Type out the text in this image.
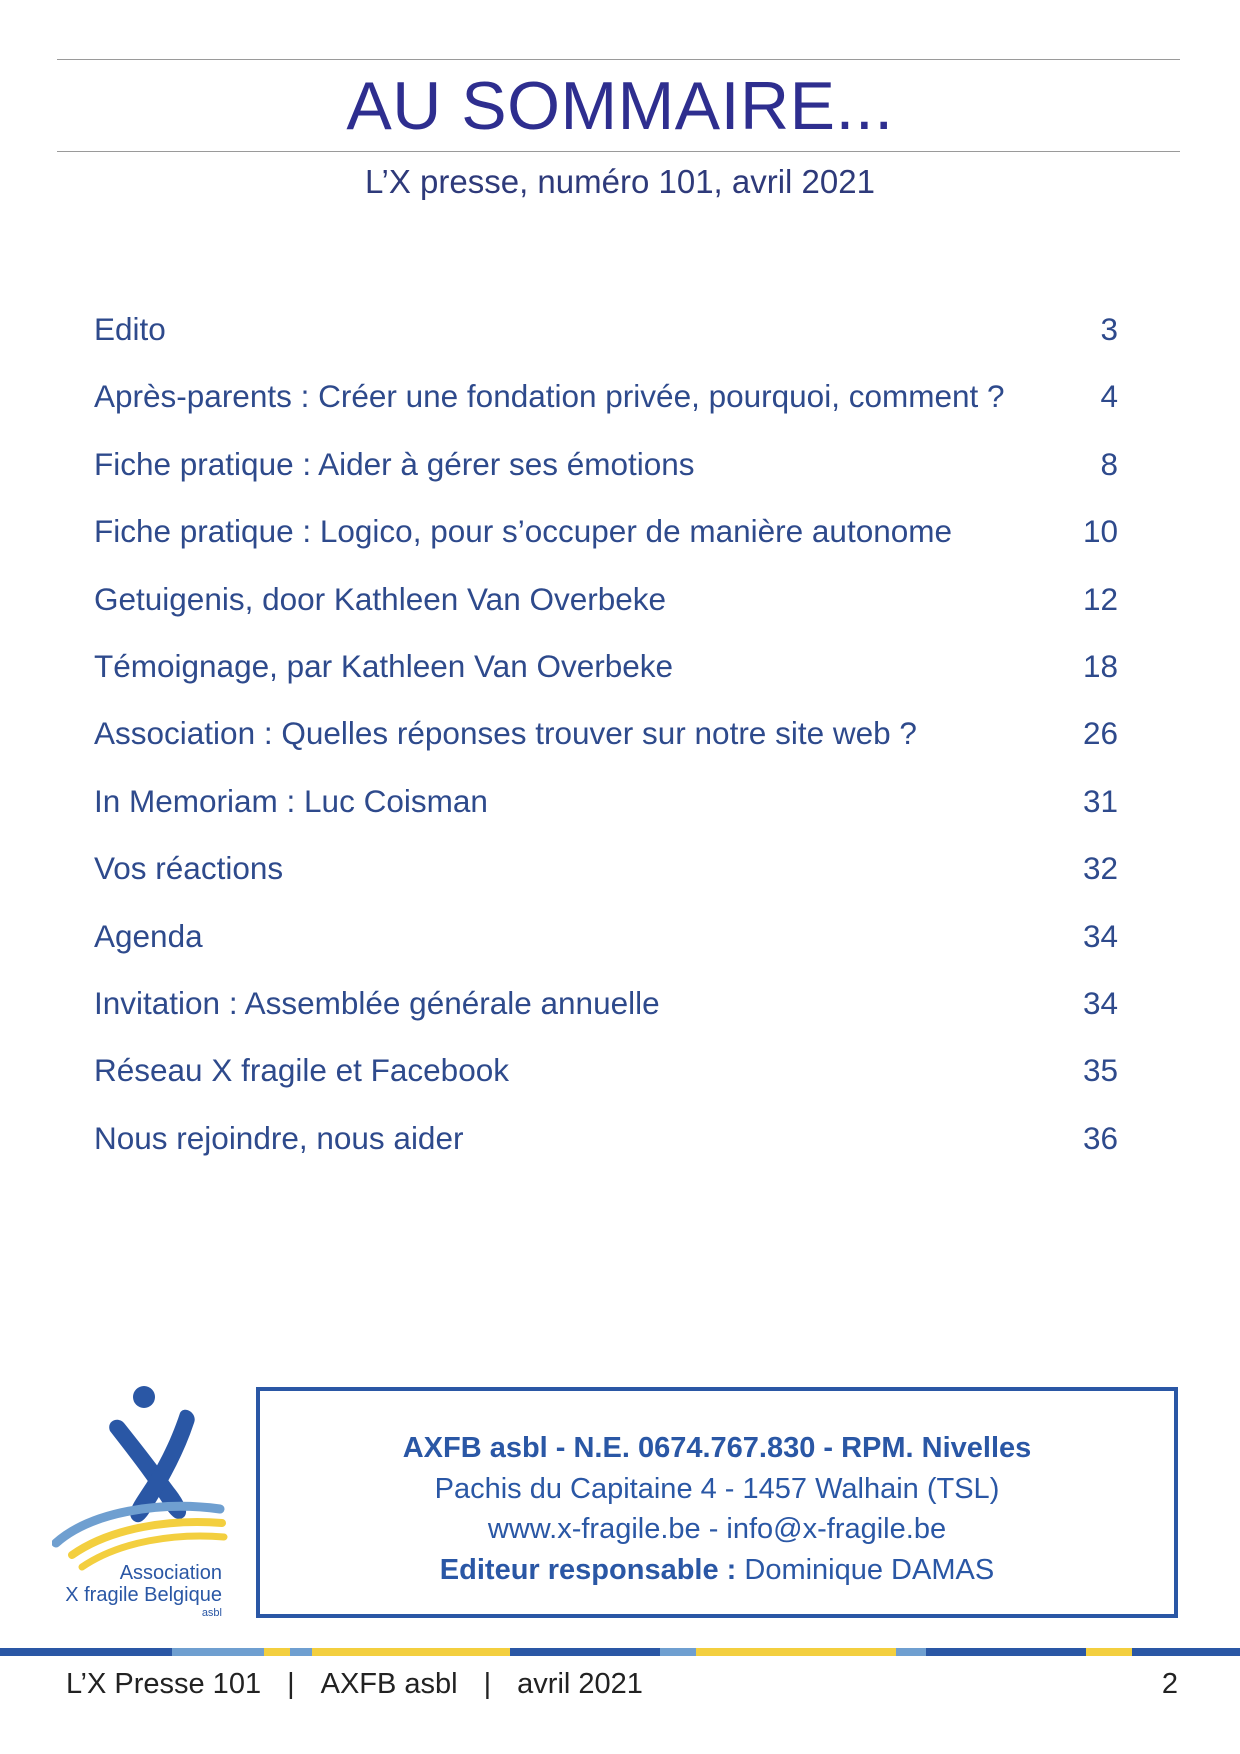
AU SOMMAIRE...
L’X presse, numéro 101, avril 2021
Edito	3
Après-parents : Créer une fondation privée, pourquoi, comment ?	4
Fiche pratique : Aider à gérer ses émotions	8
Fiche pratique : Logico, pour s’occuper de manière autonome	10
Getuigenis, door Kathleen Van Overbeke	12
Témoignage, par Kathleen Van Overbeke	18
Association : Quelles réponses trouver sur notre site web ?	26
In Memoriam : Luc Coisman	31
Vos réactions	32
Agenda	34
Invitation : Assemblée générale annuelle	34
Réseau X fragile et Facebook	35
Nous rejoindre, nous aider	36
Association
X fragile Belgique
asbl
AXFB asbl - N.E. 0674.767.830 - RPM. Nivelles
Pachis du Capitaine 4 - 1457 Walhain (TSL)
www.x-fragile.be - info@x-fragile.be
Editeur responsable : Dominique DAMAS
L’X Presse 101 | AXFB asbl | avril 2021	2
